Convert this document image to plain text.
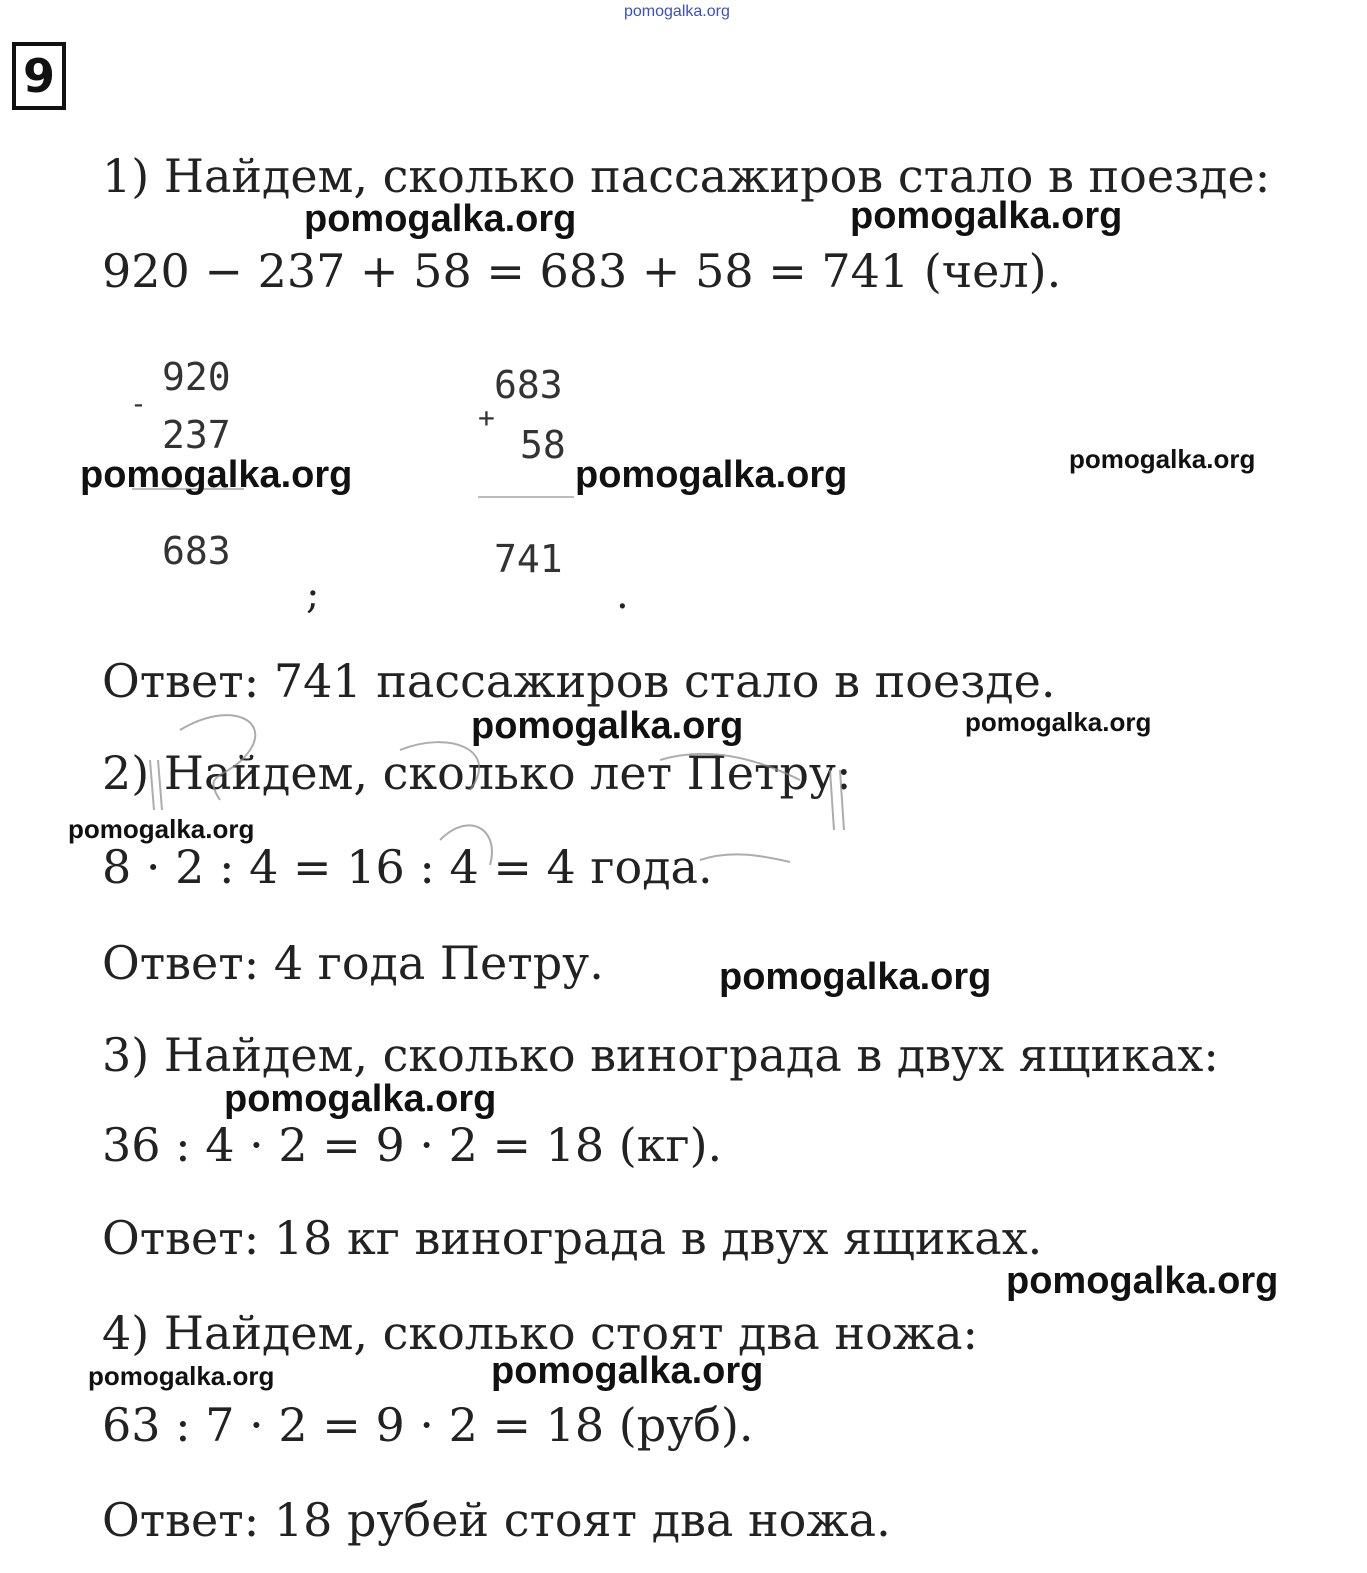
pomogalka.org
9
1) Найдем, сколько пассажиров стало в поезде:
pomogalka.org	pomogalka.org
920 − 237 + 58 = 683 + 58 = 741 (чел).
920
-
237
683
;
683
+
58
741
.
pomogalka.org	pomogalka.org	pomogalka.org
Ответ: 741 пассажиров стало в поезде.
pomogalka.org	pomogalka.org
2) Найдем, сколько лет Петру:
pomogalka.org
8 · 2 : 4 = 16 : 4 = 4 года.
Ответ: 4 года Петру.	pomogalka.org
3) Найдем, сколько винограда в двух ящиках:
pomogalka.org
36 : 4 · 2 = 9 · 2 = 18 (кг).
Ответ: 18 кг винограда в двух ящиках.
pomogalka.org
4) Найдем, сколько стоят два ножа:
pomogalka.org	pomogalka.org
63 : 7 · 2 = 9 · 2 = 18 (руб).
Ответ: 18 рубей стоят два ножа.
